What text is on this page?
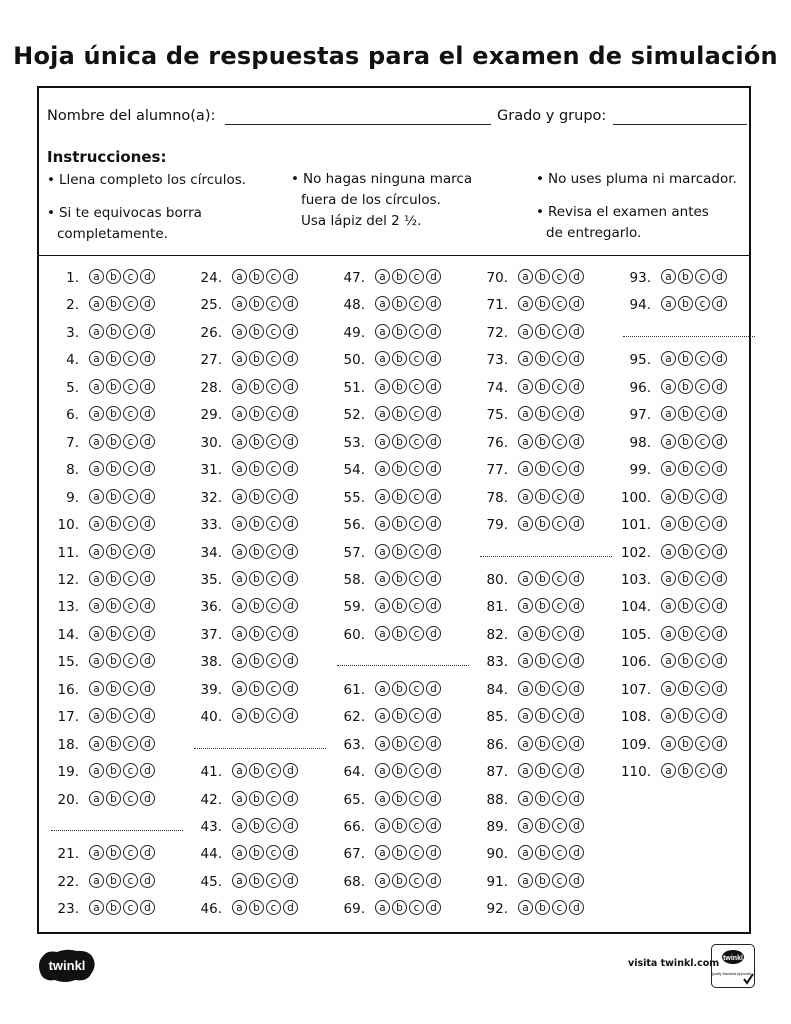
Hoja única de respuestas para el examen de simulación
Nombre del alumno(a):	Grado y grupo:
Instrucciones:
• Llena completo los círculos.
• Si te equivocas borra
completamente.
• No hagas ninguna marca
fuera de los círculos.
Usa lápiz del 2 ½.
• No uses pluma ni marcador.
• Revisa el examen antes
de entregarlo.
1.	a b c d
2.	a b c d
3.	a b c d
4.	a b c d
5.	a b c d
6.	a b c d
7.	a b c d
8.	a b c d
9.	a b c d
10.	a b c d
11.	a b c d
12.	a b c d
13.	a b c d
14.	a b c d
15.	a b c d
16.	a b c d
17.	a b c d
18.	a b c d
19.	a b c d
20.	a b c d
21.	a b c d
22.	a b c d
23.	a b c d
24.	a b c d
25.	a b c d
26.	a b c d
27.	a b c d
28.	a b c d
29.	a b c d
30.	a b c d
31.	a b c d
32.	a b c d
33.	a b c d
34.	a b c d
35.	a b c d
36.	a b c d
37.	a b c d
38.	a b c d
39.	a b c d
40.	a b c d
41.	a b c d
42.	a b c d
43.	a b c d
44.	a b c d
45.	a b c d
46.	a b c d
47.	a b c d
48.	a b c d
49.	a b c d
50.	a b c d
51.	a b c d
52.	a b c d
53.	a b c d
54.	a b c d
55.	a b c d
56.	a b c d
57.	a b c d
58.	a b c d
59.	a b c d
60.	a b c d
61.	a b c d
62.	a b c d
63.	a b c d
64.	a b c d
65.	a b c d
66.	a b c d
67.	a b c d
68.	a b c d
69.	a b c d
70.	a b c d
71.	a b c d
72.	a b c d
73.	a b c d
74.	a b c d
75.	a b c d
76.	a b c d
77.	a b c d
78.	a b c d
79.	a b c d
80.	a b c d
81.	a b c d
82.	a b c d
83.	a b c d
84.	a b c d
85.	a b c d
86.	a b c d
87.	a b c d
88.	a b c d
89.	a b c d
90.	a b c d
91.	a b c d
92.	a b c d
93.	a b c d
94.	a b c d
95.	a b c d
96.	a b c d
97.	a b c d
98.	a b c d
99.	a b c d
100.	a b c d
101.	a b c d
102.	a b c d
103.	a b c d
104.	a b c d
105.	a b c d
106.	a b c d
107.	a b c d
108.	a b c d
109.	a b c d
110.	a b c d
twinkl	visita twinkl.com twinkl
Quality Standard Approved
